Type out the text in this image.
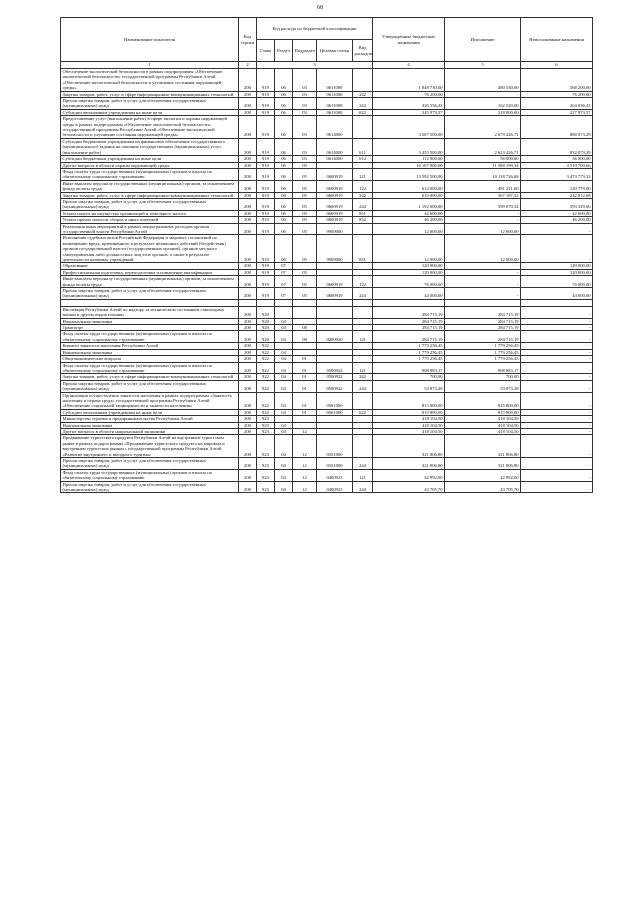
68
Наименование показателя	Код строки	Код расхода по бюджетной классификации					Утвержденные бюджетные назначения	Исполнение	Неисполненные назначения
		Глава	Раздел	Подраздел	Целевая статья	Вид расходов			
1	2	3					4	5	6
Обеспечение экологической безопасности в рамках подпрограммы «Обеспечение экологической безопасности» государственной программы Республики Алтай «Обеспечение экологической безопасности и улучшение состояния окружающей среды»	200	919	06	03	0611000		1 048 730,00	480 530,00	568 200,00
Закупка товаров, работ, услуг в сфере информационно-коммуникационных технологий	200	919	06	03	0611000	242	76 200,00	-	76 200,00
Прочая закупка товаров, работ и услуг для обеспечения государственных (муниципальных) нужд	200	919	06	03	0611000	244	426 556,43	162 520,00	264 036,43
Субсидии автономным учреждениям на иные цели	200	919	06	03	0611000	622	545 973,57	318 000,00	227 973,57
Предоставление услуг (выполнение работ) в сфере экологии и охраны окружающей среды в рамках подпрограммы «Обеспечение экологической безопасности» государственной программы Республики Алтай «Обеспечение экологической безопасности и улучшение состояния окружающей среды»	200	919	06	03	0614000		3 567 500,00	2 679 426,71	888 073,29
Субсидии бюджетным учреждениям на финансовое обеспечение государственного (муниципального) задания на оказание государственных (муниципальных) услуг (выполнение работ)	200	919	06	03	0614000	611	3 455 500,00	2 623 426,71	832 073,29
Субсидии бюджетным учреждениям на иные цели	200	919	06	03	0614000	612	112 000,00	56 000,00	56 000,00
Другие вопросы в области охраны окружающей среды	200	919	06	05			16 107 900,00	11 588 199,34	4 519 700,66
Фонд оплаты труда государственных (муниципальных) органов и взносы по обязательному социальному страхованию	200	919	06	05	0600919	121	13 592 500,00	10 118 726,68	3 473 773,32
Иные выплаты персоналу государственных (муниципальных) органов, за исключением фонда оплаты труда	200	919	06	05	0600919	122	612 000,00	491 221,00	120 779,00
Закупка товаров, работ, услуг в сфере информационно-коммуникационных технологий	200	919	06	05	0600919	242	610 000,00	367 187,32	242 812,68
Прочая закупка товаров, работ и услуг для обеспечения государственных (муниципальных) нужд	200	919	06	05	0600919	244	1 192 600,00	599 070,34	593 529,66
Уплата налога на имущество организаций и земельного налога	200	919	06	05	0600919	851	42 600,00	-	42 600,00
Уплата прочих налогов, сборов и иных платежей	200	919	06	05	0600919	852	46 200,00	-	46 200,00
Реализация иных мероприятий в рамках непрограммных расходов органов государственной власти Республики Алтай	200	919	06	05	9909000		12 000,00	12 000,00	-
Исполнение судебных актов Российской Федерации и мировых соглашений по возмещению вреда, причиненного в результате незаконных действий (бездействия) органов государственной власти (государственных органов), органов местного самоуправления либо должностных лиц этих органов, а также в результате деятельности казенных учреждений	200	919	06	05	9909000	831	12 000,00	12 000,00	-
Образование	200	919	07				120 000,00	-	120 000,00
Профессиональная подготовка, переподготовка и повышение квалификации	200	919	07	05			120 000,00	-	120 000,00
Иные выплаты персоналу государственных (муниципальных) органов, за исключением фонда оплаты труда	200	919	07	05	0600919	122	76 000,00	-	76 000,00
Прочая закупка товаров, работ и услуг для обеспечения государственных (муниципальных) нужд	200	919	07	05	0600919	244	44 000,00	-	44 000,00

Инспекция Республики Алтай по надзору за техническим состоянием самоходных машин и других видов техники	200	920					284 715,19	284 715,19	-
Национальная экономика	200	920	04				284 715,19	284 715,19	-
Транспорт	200	920	04	08			284 715,19	284 715,19	-
Фонд оплаты труда государственных (муниципальных) органов и взносы по обязательному социальному страхованию	200	920	04	08	0200920	121	284 715,19	284 715,19	-
Комитет занятости населения Республики Алтай	200	922					1 779 256,45	1 779 256,45	-
Национальная экономика	200	922	04				1 779 256,45	1 779 256,45	-
Общеэкономические вопросы	200	922	04	01			1 779 256,45	1 779 256,45	-
Фонд оплаты труда государственных (муниципальных) органов и взносы по обязательному социальному страхованию	200	922	04	01	0500922	121	908 883,17	908 883,17	-
Закупка товаров, работ, услуг в сфере информационно-коммуникационных технологий	200	922	04	01	0500922	242	700,00	700,00	-
Прочая закупка товаров, работ и услуг для обеспечения государственных (муниципальных) нужд	200	922	04	01	0500922	244	53 873,28	53 873,28	-
Организация осуществления занятости населения в рамках подпрограммы «Занятость населения и охрана труда» государственной программы Республики Алтай «Обеспечение социальной защищенности и занятости населения»	200	922	04	01	0561000		815 800,00	815 800,00	-
Субсидии автономным учреждениям на иные цели	200	922	04	01	0561000	622	815 800,00	815 800,00	-
Министерство туризма и предпринимательства Республики Алтай	200	923					418 104,50	418 104,50	-
Национальная экономика	200	923	04				418 104,50	418 104,50	-
Другие вопросы в области национальной экономики	200	923	04	12			418 104,50	418 104,50	-
Продвижение туристского продукта Республики Алтай на внутреннем туристском рынке в рамках подпрограммы «Продвижение туристского продукта на мировом и внутреннем туристских рынках» государственной программы Республики Алтай «Развитие внутреннего и въездного туризма»	200	923	04	12	0331000		321 806,80	321 806,80	-
Прочая закупка товаров, работ и услуг для обеспечения государственных (муниципальных) нужд	200	923	04	12	0331000	244	321 806,80	321 806,80	-
Фонд оплаты труда государственных (муниципальных) органов и взносы по обязательному социальному страхованию	200	923	04	12	0400923	121	42 992,00	42 992,00	-
Прочая закупка товаров, работ и услуг для обеспечения государственных (муниципальных) нужд	200	923	04	12	0400923	244	43 705,70	43 705,70	-
